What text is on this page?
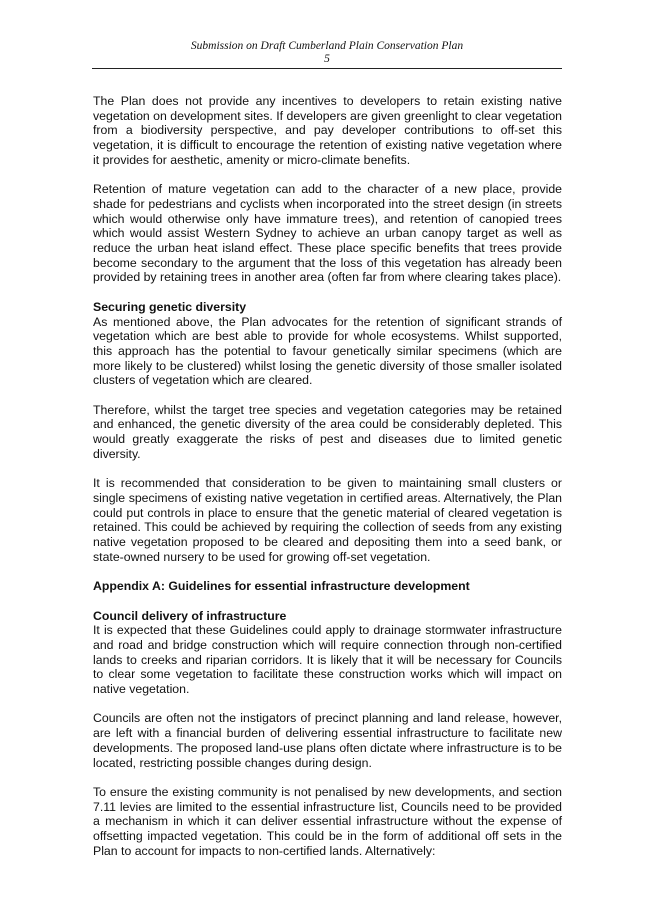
Submission on Draft Cumberland Plain Conservation Plan
5

The Plan does not provide any incentives to developers to retain existing native vegetation on development sites. If developers are given greenlight to clear vegetation from a biodiversity perspective, and pay developer contributions to off-set this vegetation, it is difficult to encourage the retention of existing native vegetation where it provides for aesthetic, amenity or micro-climate benefits.

Retention of mature vegetation can add to the character of a new place, provide shade for pedestrians and cyclists when incorporated into the street design (in streets which would otherwise only have immature trees), and retention of canopied trees which would assist Western Sydney to achieve an urban canopy target as well as reduce the urban heat island effect. These place specific benefits that trees provide become secondary to the argument that the loss of this vegetation has already been provided by retaining trees in another area (often far from where clearing takes place).

Securing genetic diversity

As mentioned above, the Plan advocates for the retention of significant strands of vegetation which are best able to provide for whole ecosystems. Whilst supported, this approach has the potential to favour genetically similar specimens (which are more likely to be clustered) whilst losing the genetic diversity of those smaller isolated clusters of vegetation which are cleared.

Therefore, whilst the target tree species and vegetation categories may be retained and enhanced, the genetic diversity of the area could be considerably depleted. This would greatly exaggerate the risks of pest and diseases due to limited genetic diversity.

It is recommended that consideration to be given to maintaining small clusters or single specimens of existing native vegetation in certified areas. Alternatively, the Plan could put controls in place to ensure that the genetic material of cleared vegetation is retained. This could be achieved by requiring the collection of seeds from any existing native vegetation proposed to be cleared and depositing them into a seed bank, or state-owned nursery to be used for growing off-set vegetation.

Appendix A: Guidelines for essential infrastructure development
Council delivery of infrastructure

It is expected that these Guidelines could apply to drainage stormwater infrastructure and road and bridge construction which will require connection through non-certified lands to creeks and riparian corridors. It is likely that it will be necessary for Councils to clear some vegetation to facilitate these construction works which will impact on native vegetation.

Councils are often not the instigators of precinct planning and land release, however, are left with a financial burden of delivering essential infrastructure to facilitate new developments. The proposed land-use plans often dictate where infrastructure is to be located, restricting possible changes during design.

To ensure the existing community is not penalised by new developments, and section 7.11 levies are limited to the essential infrastructure list, Councils need to be provided a mechanism in which it can deliver essential infrastructure without the expense of offsetting impacted vegetation. This could be in the form of additional off sets in the Plan to account for impacts to non-certified lands. Alternatively:
